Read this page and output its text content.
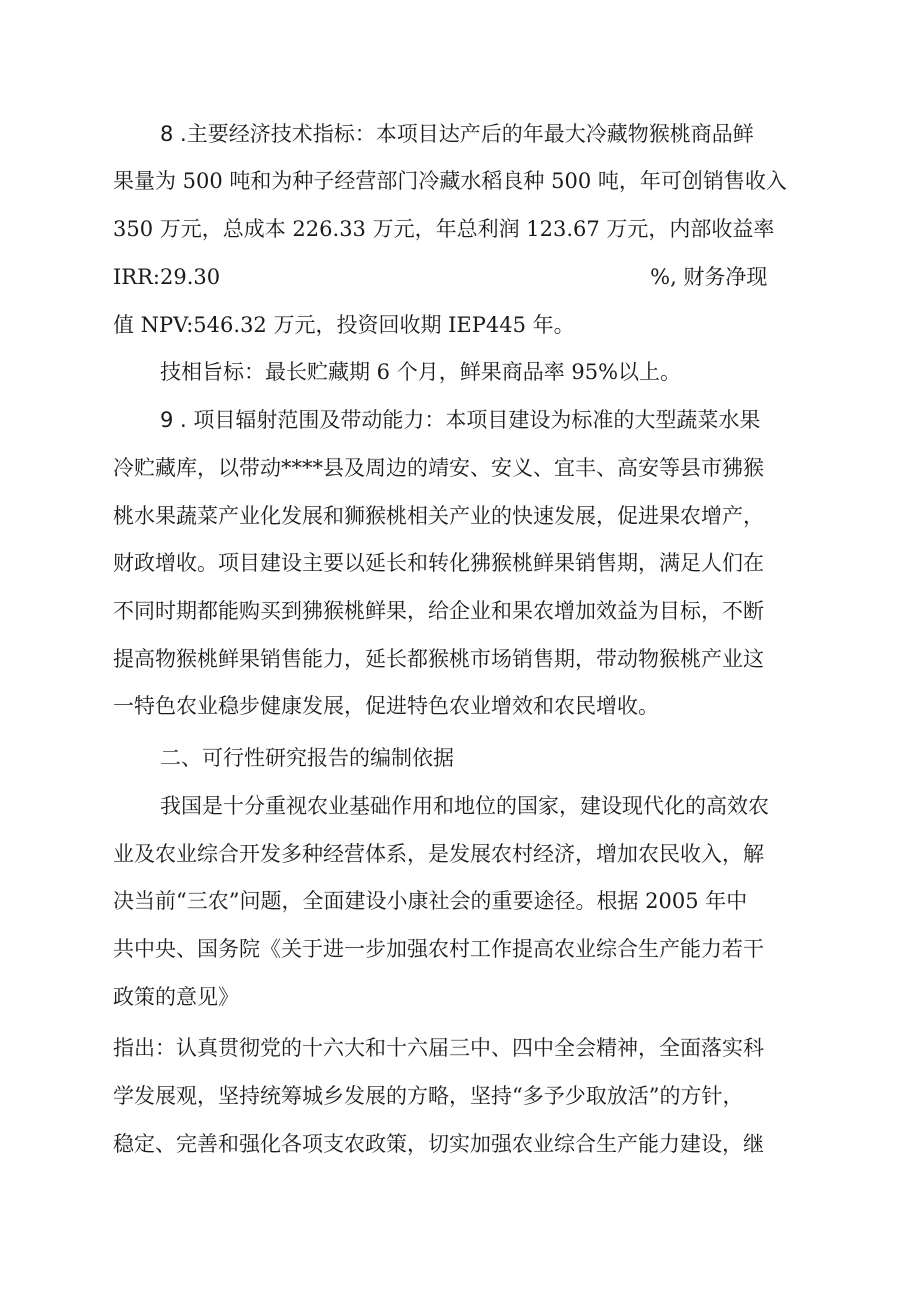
8 .主要经济技术指标：本项目达产后的年最大冷藏物猴桃商品鲜
果量为 500 吨和为种子经营部门冷藏水稻良种 500 吨，年可创销售收入
350 万元，总成本 226.33 万元，年总利润 123.67 万元，内部收益率
IRR:29.30	%, 财务净现
值 NPV:546.32 万元，投资回收期 IEP445 年。
技相旨标：最长贮藏期 6 个月，鲜果商品率 95%以上。
9 . 项目辐射范围及带动能力：本项目建设为标准的大型蔬菜水果
冷贮藏库，以带动****县及周边的靖安、安义、宜丰、高安等县市狒猴
桃水果蔬菜产业化发展和狮猴桃相关产业的快速发展，促进果农增产，
财政增收。项目建设主要以延长和转化狒猴桃鲜果销售期，满足人们在
不同时期都能购买到狒猴桃鲜果，给企业和果农增加效益为目标，不断
提高物猴桃鲜果销售能力，延长都猴桃市场销售期，带动物猴桃产业这
一特色农业稳步健康发展，促进特色农业增效和农民增收。
二、可行性研究报告的编制依据
我国是十分重视农业基础作用和地位的国家，建设现代化的高效农
业及农业综合开发多种经营体系，是发展农村经济，增加农民收入，解
决当前“三农”问题，全面建设小康社会的重要途径。根据 2005 年中
共中央、国务院《关于进一步加强农村工作提高农业综合生产能力若干
政策的意见》
指出：认真贯彻党的十六大和十六届三中、四中全会精神，全面落实科
学发展观，坚持统筹城乡发展的方略，坚持“多予少取放活”的方针，
稳定、完善和强化各项支农政策，切实加强农业综合生产能力建设，继
